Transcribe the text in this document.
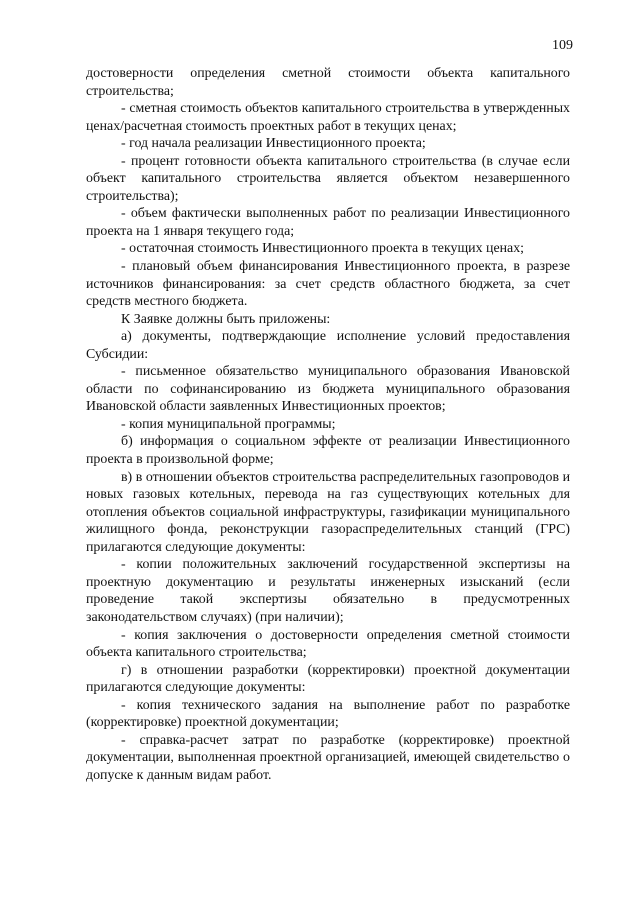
109

достоверности определения сметной стоимости объекта капитального строительства;

- сметная стоимость объектов капитального строительства в утвержденных ценах/расчетная стоимость проектных работ в текущих ценах;

- год начала реализации Инвестиционного проекта;

- процент готовности объекта капитального строительства (в случае если объект капитального строительства является объектом незавершенного строительства);

- объем фактически выполненных работ по реализации Инвестиционного проекта на 1 января текущего года;

- остаточная стоимость Инвестиционного проекта в текущих ценах;

- плановый объем финансирования Инвестиционного проекта, в разрезе источников финансирования: за счет средств областного бюджета, за счет средств местного бюджета.

К Заявке должны быть приложены:

а) документы, подтверждающие исполнение условий предоставления Субсидии:

- письменное обязательство муниципального образования Ивановской области по софинансированию из бюджета муниципального образования Ивановской области заявленных Инвестиционных проектов;

- копия муниципальной программы;

б) информация о социальном эффекте от реализации Инвестиционного проекта в произвольной форме;

в) в отношении объектов строительства распределительных газопроводов и новых газовых котельных, перевода на газ существующих котельных для отопления объектов социальной инфраструктуры, газификации муниципального жилищного фонда, реконструкции газораспределительных станций (ГРС) прилагаются следующие документы:

- копии положительных заключений государственной экспертизы на проектную документацию и результаты инженерных изысканий (если проведение такой экспертизы обязательно в предусмотренных законодательством случаях) (при наличии);

- копия заключения о достоверности определения сметной стоимости объекта капитального строительства;

г) в отношении разработки (корректировки) проектной документации прилагаются следующие документы:

- копия технического задания на выполнение работ по разработке (корректировке) проектной документации;

- справка-расчет затрат по разработке (корректировке) проектной документации, выполненная проектной организацией, имеющей свидетельство о допуске к данным видам работ.
